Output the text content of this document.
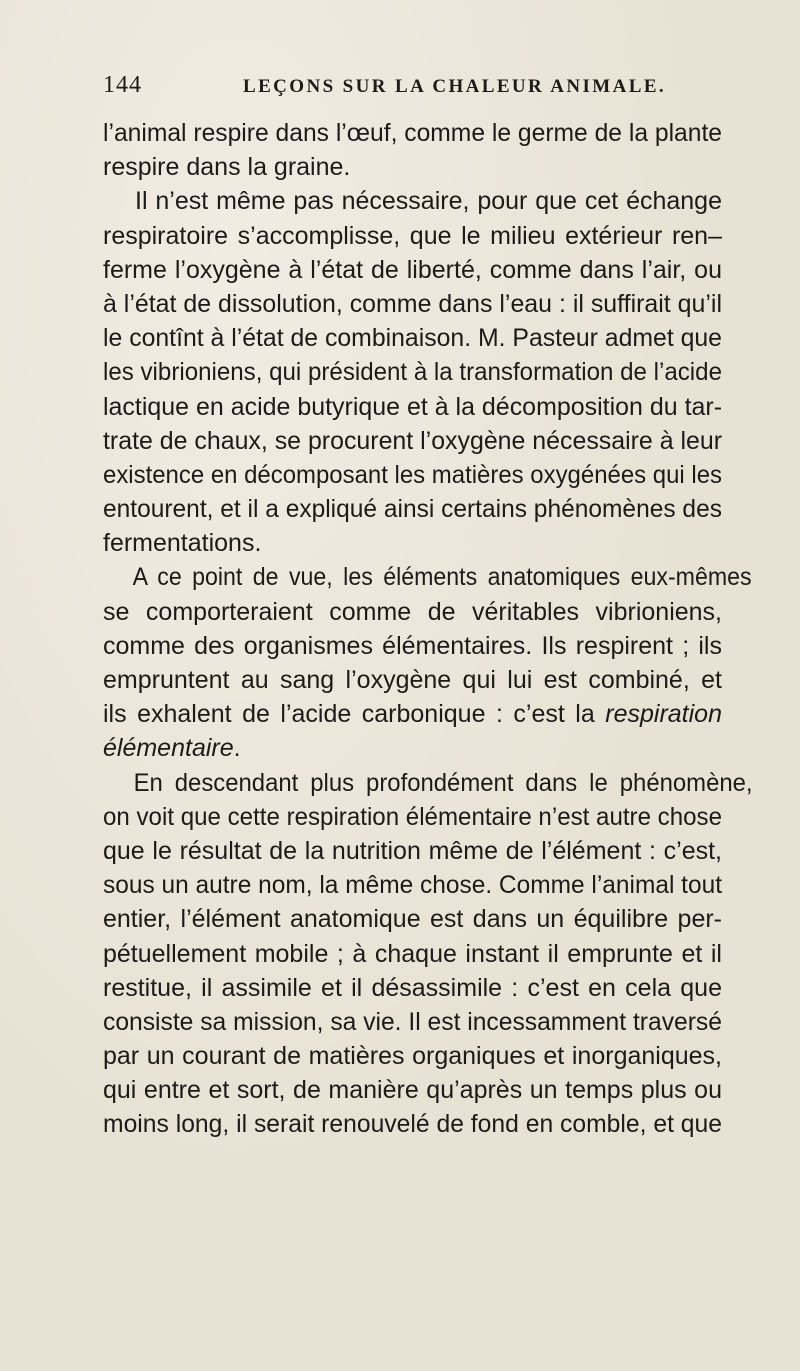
144	LEÇONS SUR LA CHALEUR ANIMALE.
l’animal respire dans l’œuf, comme le germe de la plante
respire dans la graine.
Il n’est même pas nécessaire, pour que cet échange
respiratoire s’accomplisse, que le milieu extérieur ren–
ferme l’oxygène à l’état de liberté, comme dans l’air, ou
à l’état de dissolution, comme dans l’eau : il suffirait qu’il
le contînt à l’état de combinaison. M. Pasteur admet que
les vibrioniens, qui président à la transformation de l’acide
lactique en acide butyrique et à la décomposition du tar-
trate de chaux, se procurent l’oxygène nécessaire à leur
existence en décomposant les matières oxygénées qui les
entourent, et il a expliqué ainsi certains phénomènes des
fermentations.
A ce point de vue, les éléments anatomiques eux-mêmes
se comporteraient comme de véritables vibrioniens,
comme des organismes élémentaires. Ils respirent ; ils
empruntent au sang l’oxygène qui lui est combiné, et
ils exhalent de l’acide carbonique : c’est la respiration
élémentaire.
En descendant plus profondément dans le phénomène,
on voit que cette respiration élémentaire n’est autre chose
que le résultat de la nutrition même de l’élément : c’est,
sous un autre nom, la même chose. Comme l’animal tout
entier, l’élément anatomique est dans un équilibre per-
pétuellement mobile ; à chaque instant il emprunte et il
restitue, il assimile et il désassimile : c’est en cela que
consiste sa mission, sa vie. Il est incessamment traversé
par un courant de matières organiques et inorganiques,
qui entre et sort, de manière qu’après un temps plus ou
moins long, il serait renouvelé de fond en comble, et que
